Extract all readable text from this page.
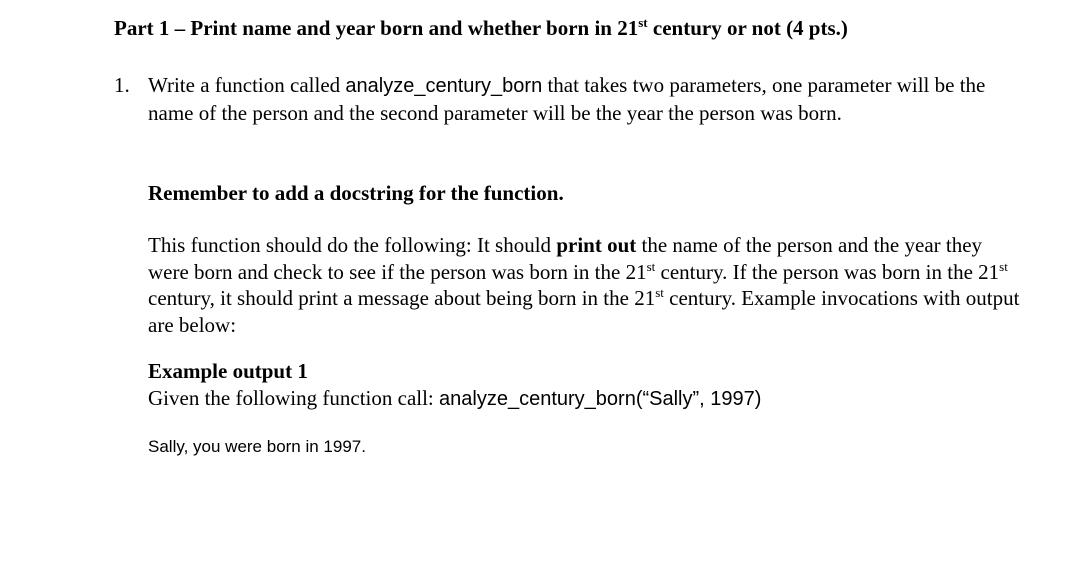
Part 1 – Print name and year born and whether born in 21st century or not (4 pts.)
1. Write a function called analyze_century_born that takes two parameters, one parameter will be the name of the person and the second parameter will be the year the person was born.
Remember to add a docstring for the function.
This function should do the following: It should print out the name of the person and the year they were born and check to see if the person was born in the 21st century. If the person was born in the 21st century, it should print a message about being born in the 21st century. Example invocations with output are below:
Example output 1
Given the following function call: analyze_century_born(“Sally”, 1997)
Sally, you were born in 1997.
